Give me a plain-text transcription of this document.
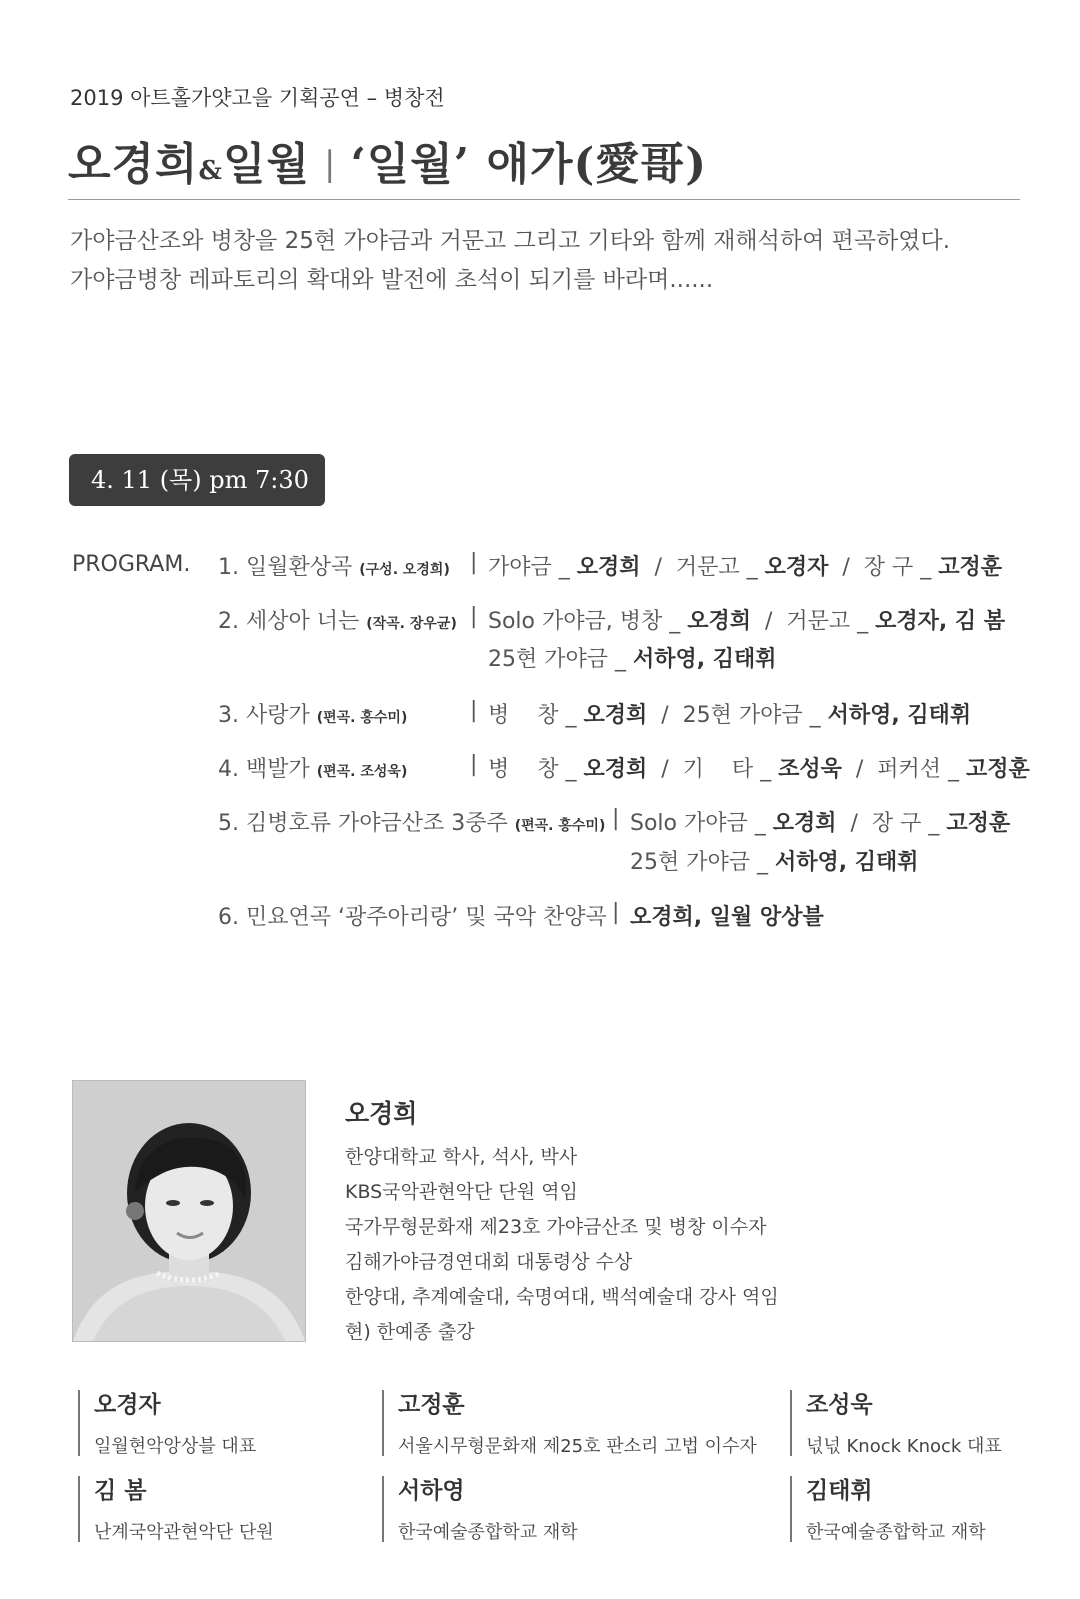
2019 아트홀가얏고을 기획공연 – 병창전
오경희&일월 | ‘일월’ 애가(愛哥)
가야금산조와 병창을 25현 가야금과 거문고 그리고 기타와 함께 재해석하여 편곡하였다.
가야금병창 레파토리의 확대와 발전에 초석이 되기를 바라며......
4. 11 (목) pm 7:30
PROGRAM. 1. 일월환상곡 (구성. 오경희) | 가야금 _ 오경희  /  거문고 _ 오경자  /  장 구 _ 고정훈
2. 세상아 너는 (작곡. 장우균) | Solo 가야금, 병창 _ 오경희  /  거문고 _ 오경자, 김 봄
25현 가야금 _ 서하영, 김태휘
3. 사랑가 (편곡. 홍수미)	| 병    창 _ 오경희  /  25현 가야금 _ 서하영, 김태휘
4. 백발가 (편곡. 조성욱)	| 병    창 _ 오경희  /  기    타 _ 조성욱  /  퍼커션 _ 고정훈
5. 김병호류 가야금산조 3중주 (편곡. 홍수미) | Solo 가야금 _ 오경희  /  장 구 _ 고정훈
25현 가야금 _ 서하영, 김태휘
6. 민요연곡 ‘광주아리랑’ 및 국악 찬양곡 | 오경희, 일월 앙상블
오경희
한양대학교 학사, 석사, 박사
KBS국악관현악단 단원 역임
국가무형문화재 제23호 가야금산조 및 병창 이수자
김해가야금경연대회 대통령상 수상
한양대, 추계예술대, 숙명여대, 백석예술대 강사 역임
현) 한예종 출강
오경자
일월현악앙상블 대표
고정훈
서울시무형문화재 제25호 판소리 고법 이수자
조성욱
넋넋 Knock Knock 대표
김 봄
난계국악관현악단 단원
서하영
한국예술종합학교 재학
김태휘
한국예술종합학교 재학
